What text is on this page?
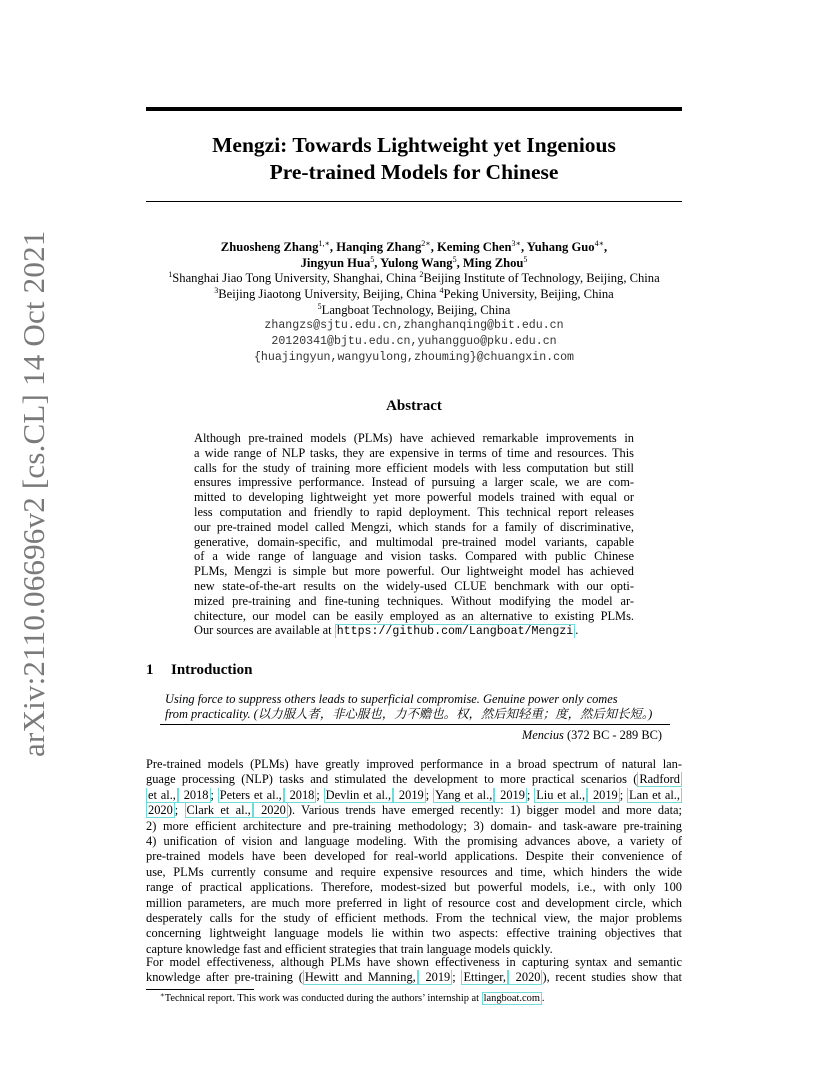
arXiv:2110.06696v2 [cs.CL] 14 Oct 2021
Mengzi: Towards Lightweight yet Ingenious
Pre-trained Models for Chinese
Zhuosheng Zhang$^{1,∗}$, Hanqing Zhang$^{2∗}$, Keming Chen$^{3∗}$, Yuhang Guo$^{4∗}$,
Jingyun Hua$^5$, Yulong Wang$^5$, Ming Zhou$^5$
$^1$Shanghai Jiao Tong University, Shanghai, China $^2$Beijing Institute of Technology, Beijing, China
$^3$Beijing Jiaotong University, Beijing, China $^4$Peking University, Beijing, China
$^5$Langboat Technology, Beijing, China
zhangzs@sjtu.edu.cn,zhanghanqing@bit.edu.cn
20120341@bjtu.edu.cn,yuhangguo@pku.edu.cn
{huajingyun,wangyulong,zhouming}@chuangxin.com
Abstract
Although pre-trained models (PLMs) have achieved remarkable improvements in
a wide range of NLP tasks, they are expensive in terms of time and resources. This
calls for the study of training more efficient models with less computation but still
ensures impressive performance. Instead of pursuing a larger scale, we are com-
mitted to developing lightweight yet more powerful models trained with equal or
less computation and friendly to rapid deployment. This technical report releases
our pre-trained model called Mengzi, which stands for a family of discriminative,
generative, domain-specific, and multimodal pre-trained model variants, capable
of a wide range of language and vision tasks. Compared with public Chinese
PLMs, Mengzi is simple but more powerful. Our lightweight model has achieved
new state-of-the-art results on the widely-used CLUE benchmark with our opti-
mized pre-training and fine-tuning techniques. Without modifying the model ar-
chitecture, our model can be easily employed as an alternative to existing PLMs.
Our sources are available at https://github.com/Langboat/Mengzi .
1 Introduction
Using force to suppress others leads to superficial compromise. Genuine power only comes
from practicality. (以力服人者，非心服也，力不赡也。权，然后知轻重；度，然后知长短。)
Mencius (372 BC - 289 BC)
Pre-trained models (PLMs) have greatly improved performance in a broad spectrum of natural lan-
guage processing (NLP) tasks and stimulated the development to more practical scenarios ( Radford
et al., 2018 ; Peters et al., 2018 ; Devlin et al., 2019 ; Yang et al., 2019 ; Liu et al., 2019 ; Lan et al.,
2020 ; Clark et al., 2020 ). Various trends have emerged recently: 1) bigger model and more data;
2) more efficient architecture and pre-training methodology; 3) domain- and task-aware pre-training
4) unification of vision and language modeling. With the promising advances above, a variety of
pre-trained models have been developed for real-world applications. Despite their convenience of
use, PLMs currently consume and require expensive resources and time, which hinders the wide
range of practical applications. Therefore, modest-sized but powerful models, i.e., with only 100
million parameters, are much more preferred in light of resource cost and development circle, which
desperately calls for the study of efficient methods. From the technical view, the major problems
concerning lightweight language models lie within two aspects: effective training objectives that
capture knowledge fast and efficient strategies that train language models quickly.
For model effectiveness, although PLMs have shown effectiveness in capturing syntax and semantic
knowledge after pre-training ( Hewitt and Manning, 2019 ; Ettinger, 2020 ), recent studies show that
∗Technical report. This work was conducted during the authors’ internship at langboat.com .
